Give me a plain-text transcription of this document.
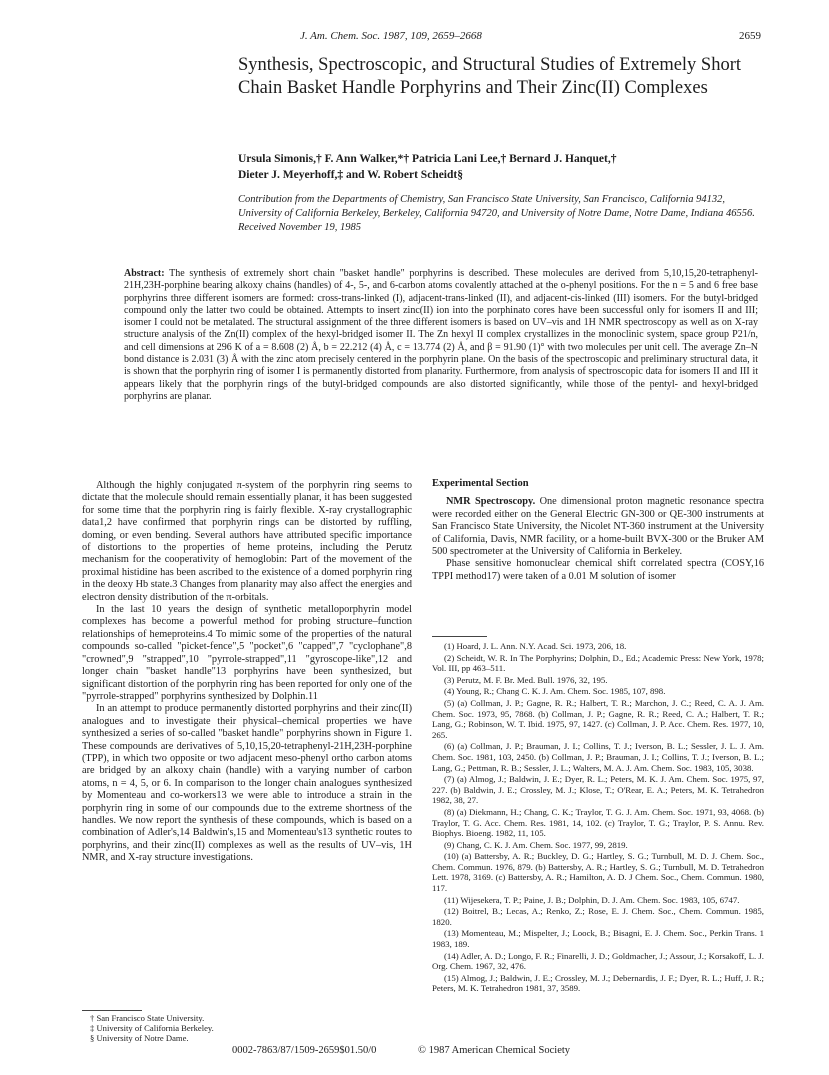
J. Am. Chem. Soc. 1987, 109, 2659–2668	2659
Synthesis, Spectroscopic, and Structural Studies of Extremely Short Chain Basket Handle Porphyrins and Their Zinc(II) Complexes
Ursula Simonis,† F. Ann Walker,*† Patricia Lani Lee,† Bernard J. Hanquet,†
Dieter J. Meyerhoff,‡ and W. Robert Scheidt§
Contribution from the Departments of Chemistry, San Francisco State University, San Francisco, California 94132, University of California Berkeley, Berkeley, California 94720, and University of Notre Dame, Notre Dame, Indiana 46556. Received November 19, 1985
Abstract: The synthesis of extremely short chain "basket handle" porphyrins is described. These molecules are derived from 5,10,15,20-tetraphenyl-21H,23H-porphine bearing alkoxy chains (handles) of 4-, 5-, and 6-carbon atoms covalently attached at the o-phenyl positions. For the n = 5 and 6 free base porphyrins three different isomers are formed: cross-trans-linked (I), adjacent-trans-linked (II), and adjacent-cis-linked (III) isomers. For the butyl-bridged compound only the latter two could be obtained. Attempts to insert zinc(II) ion into the porphinato cores have been successful only for isomers II and III; isomer I could not be metalated. The structural assignment of the three different isomers is based on UV–vis and 1H NMR spectroscopy as well as on X-ray structure analysis of the Zn(II) complex of the hexyl-bridged isomer II. The Zn hexyl II complex crystallizes in the monoclinic system, space group P21/n, and cell dimensions at 296 K of a = 8.608 (2) Å, b = 22.212 (4) Å, c = 13.774 (2) Å, and β = 91.90 (1)° with two molecules per unit cell. The average Zn–N bond distance is 2.031 (3) Å with the zinc atom precisely centered in the porphyrin plane. On the basis of the spectroscopic and preliminary structural data, it is shown that the porphyrin ring of isomer I is permanently distorted from planarity. Furthermore, from analysis of spectroscopic data for isomers II and III it appears likely that the porphyrin rings of the butyl-bridged compounds are also distorted significantly, while those of the pentyl- and hexyl-bridged porphyrins are planar.

Although the highly conjugated π-system of the porphyrin ring seems to dictate that the molecule should remain essentially planar, it has been suggested for some time that the porphyrin ring is fairly flexible. X-ray crystallographic data1,2 have confirmed that porphyrin rings can be distorted by ruffling, doming, or even bending. Several authors have attributed specific importance of distortions to the properties of heme proteins, including the Perutz mechanism for the cooperativity of hemoglobin: Part of the movement of the proximal histidine has been ascribed to the existence of a domed porphyrin ring in the deoxy Hb state.3 Changes from planarity may also affect the energies and electron density distribution of the π-orbitals.

In the last 10 years the design of synthetic metalloporphyrin model complexes has become a powerful method for probing structure–function relationships of hemeproteins.4 To mimic some of the properties of the natural compounds so-called "picket-fence",5 "pocket",6 "capped",7 "cyclophane",8 "crowned",9 "strapped",10 "pyrrole-strapped",11 "gyroscope-like",12 and longer chain "basket handle"13 porphyrins have been synthesized, but significant distortion of the porphyrin ring has been reported for only one of the "pyrrole-strapped" porphyrins synthesized by Dolphin.11

In an attempt to produce permanently distorted porphyrins and their zinc(II) analogues and to investigate their physical–chemical properties we have synthesized a series of so-called "basket handle" porphyrins shown in Figure 1. These compounds are derivatives of 5,10,15,20-tetraphenyl-21H,23H-porphine (TPP), in which two opposite or two adjacent meso-phenyl ortho carbon atoms are bridged by an alkoxy chain (handle) with a varying number of carbon atoms, n = 4, 5, or 6. In comparison to the longer chain analogues synthesized by Momenteau and co-workers13 we were able to introduce a strain in the porphyrin ring in some of our compounds due to the extreme shortness of the handles. We now report the synthesis of these compounds, which is based on a combination of Adler's,14 Baldwin's,15 and Momenteau's13 synthetic routes to porphyrins, and their zinc(II) complexes as well as the results of UV–vis, 1H NMR, and X-ray structure investigations.

† San Francisco State University.
‡ University of California Berkeley.
§ University of Notre Dame.

Experimental Section

NMR Spectroscopy. One dimensional proton magnetic resonance spectra were recorded either on the General Electric GN-300 or QE-300 instruments at San Francisco State University, the Nicolet NT-360 instrument at the University of California, Davis, NMR facility, or a home-built BVX-300 or the Bruker AM 500 spectrometer at the University of California in Berkeley.

Phase sensitive homonuclear chemical shift correlated spectra (COSY,16 TPPI method17) were taken of a 0.01 M solution of isomer

(1) Hoard, J. L. Ann. N.Y. Acad. Sci. 1973, 206, 18.

(2) Scheidt, W. R. In The Porphyrins; Dolphin, D., Ed.; Academic Press: New York, 1978; Vol. III, pp 463–511.

(3) Perutz, M. F. Br. Med. Bull. 1976, 32, 195.

(4) Young, R.; Chang C. K. J. Am. Chem. Soc. 1985, 107, 898.

(5) (a) Collman, J. P.; Gagne, R. R.; Halbert, T. R.; Marchon, J. C.; Reed, C. A. J. Am. Chem. Soc. 1973, 95, 7868. (b) Collman, J. P.; Gagne, R. R.; Reed, C. A.; Halbert, T. R.; Lang, G.; Robinson, W. T. Ibid. 1975, 97, 1427. (c) Collman, J. P. Acc. Chem. Res. 1977, 10, 265.

(6) (a) Collman, J. P.; Brauman, J. I.; Collins, T. J.; Iverson, B. L.; Sessler, J. L. J. Am. Chem. Soc. 1981, 103, 2450. (b) Collman, J. P.; Brauman, J. I.; Collins, T. J.; Iverson, B. L.; Lang, G.; Pettman, R. B.; Sessler, J. L.; Walters, M. A. J. Am. Chem. Soc. 1983, 105, 3038.

(7) (a) Almog, J.; Baldwin, J. E.; Dyer, R. L.; Peters, M. K. J. Am. Chem. Soc. 1975, 97, 227. (b) Baldwin, J. E.; Crossley, M. J.; Klose, T.; O'Rear, E. A.; Peters, M. K. Tetrahedron 1982, 38, 27.

(8) (a) Diekmann, H.; Chang, C. K.; Traylor, T. G. J. Am. Chem. Soc. 1971, 93, 4068. (b) Traylor, T. G. Acc. Chem. Res. 1981, 14, 102. (c) Traylor, T. G.; Traylor, P. S. Annu. Rev. Biophys. Bioeng. 1982, 11, 105.

(9) Chang, C. K. J. Am. Chem. Soc. 1977, 99, 2819.

(10) (a) Battersby, A. R.; Buckley, D. G.; Hartley, S. G.; Turnbull, M. D. J. Chem. Soc., Chem. Commun. 1976, 879. (b) Battersby, A. R.; Hartley, S. G.; Turnbull, M. D. Tetrahedron Lett. 1978, 3169. (c) Battersby, A. R.; Hamilton, A. D. J Chem. Soc., Chem. Commun. 1980, 117.

(11) Wijesekera, T. P.; Paine, J. B.; Dolphin, D. J. Am. Chem. Soc. 1983, 105, 6747.

(12) Boitrel, B.; Lecas, A.; Renko, Z.; Rose, E. J. Chem. Soc., Chem. Commun. 1985, 1820.

(13) Momenteau, M.; Mispelter, J.; Loock, B.; Bisagni, E. J. Chem. Soc., Perkin Trans. 1 1983, 189.

(14) Adler, A. D.; Longo, F. R.; Finarelli, J. D.; Goldmacher, J.; Assour, J.; Korsakoff, L. J. Org. Chem. 1967, 32, 476.

(15) Almog, J.; Baldwin, J. E.; Crossley, M. J.; Debernardis, J. F.; Dyer, R. L.; Huff, J. R.; Peters, M. K. Tetrahedron 1981, 37, 3589.

0002-7863/87/1509-2659$01.50/0	© 1987 American Chemical Society
